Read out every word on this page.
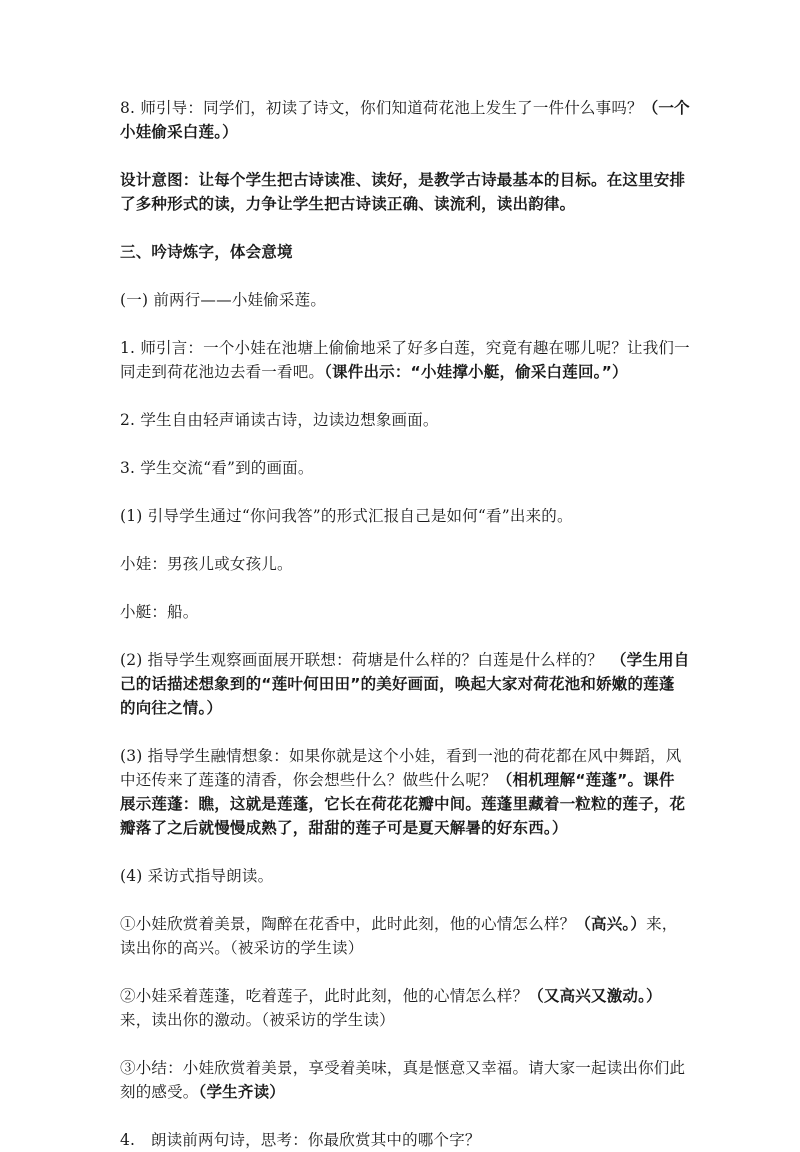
8. 师引导：同学们，初读了诗文，你们知道荷花池上发生了一件什么事吗？（一个小娃偷采白莲。）

设计意图：让每个学生把古诗读准、读好，是教学古诗最基本的目标。在这里安排了多种形式的读，力争让学生把古诗读正确、读流利，读出韵律。

三、吟诗炼字，体会意境

(一) 前两行——小娃偷采莲。

1. 师引言：一个小娃在池塘上偷偷地采了好多白莲，究竟有趣在哪儿呢？让我们一同走到荷花池边去看一看吧。（课件出示：“小娃撑小艇，偷采白莲回。”）

2. 学生自由轻声诵读古诗，边读边想象画面。

3. 学生交流“看”到的画面。

(1) 引导学生通过“你问我答”的形式汇报自己是如何“看”出来的。

小娃：男孩儿或女孩儿。

小艇：船。

(2) 指导学生观察画面展开联想：荷塘是什么样的？白莲是什么样的？　（学生用自己的话描述想象到的“莲叶何田田”的美好画面，唤起大家对荷花池和娇嫩的莲蓬的向往之情。）

(3) 指导学生融情想象：如果你就是这个小娃，看到一池的荷花都在风中舞蹈，风中还传来了莲蓬的清香，你会想些什么？做些什么呢？（相机理解“莲蓬”。课件展示莲蓬：瞧，这就是莲蓬，它长在荷花花瓣中间。莲蓬里藏着一粒粒的莲子，花瓣落了之后就慢慢成熟了，甜甜的莲子可是夏天解暑的好东西。）

(4) 采访式指导朗读。

①小娃欣赏着美景，陶醉在花香中，此时此刻，他的心情怎么样？（高兴。）来，读出你的高兴。（被采访的学生读）

②小娃采着莲蓬，吃着莲子，此时此刻，他的心情怎么样？（又高兴又激动。）来，读出你的激动。（被采访的学生读）

③小结：小娃欣赏着美景，享受着美味，真是惬意又幸福。请大家一起读出你们此刻的感受。（学生齐读）

4.　朗读前两句诗，思考：你最欣赏其中的哪个字？
